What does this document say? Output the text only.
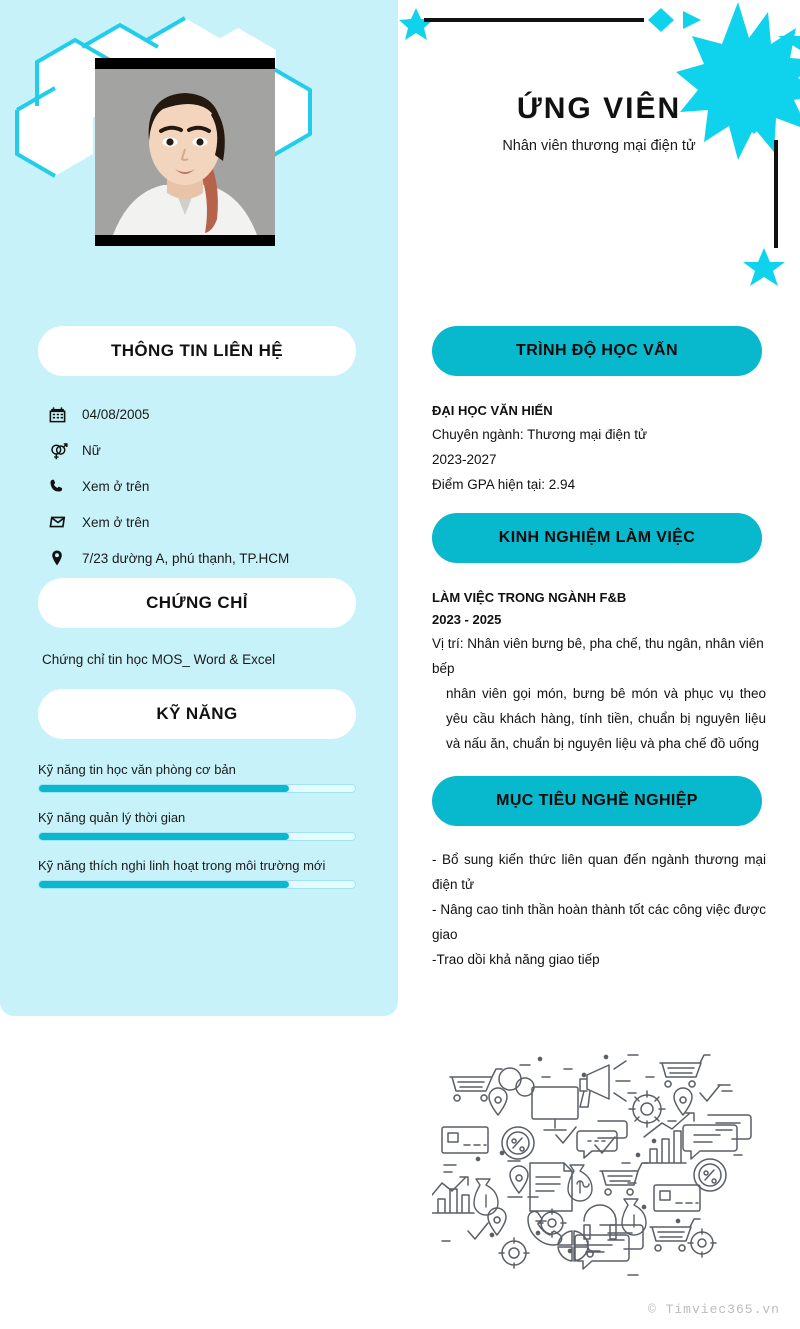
THÔNG TIN LIÊN HỆ
04/08/2005
Nữ
Xem ở trên
Xem ở trên
7/23 dường A, phú thạnh, TP.HCM
CHỨNG CHỈ
Chứng chỉ tin học MOS_ Word & Excel
KỸ NĂNG
Kỹ năng tin học văn phòng cơ bản
Kỹ năng quản lý thời gian
Kỹ năng thích nghi linh hoạt trong môi trường mới
ỨNG VIÊN
Nhân viên thương mại điện tử
TRÌNH ĐỘ HỌC VẤN
ĐẠI HỌC VĂN HIẾN
Chuyên ngành: Thương mại điện tử
2023-2027
Điểm GPA hiện tại: 2.94
KINH NGHIỆM LÀM VIỆC
LÀM VIỆC TRONG NGÀNH F&B
2023 - 2025
Vị trí: Nhân viên bưng bê, pha chế, thu ngân, nhân viên bếp
nhân viên gọi món, bưng bê món và phục vụ theo yêu cầu khách hàng, tính tiền, chuẩn bị nguyên liệu và nấu ăn, chuẩn bị nguyên liệu và pha chế đồ uống
MỤC TIÊU NGHỀ NGHIỆP
- Bổ sung kiến thức liên quan đến ngành thương mại điện tử
- Nâng cao tinh thần hoàn thành tốt các công việc được giao
-Trao dồi khả năng giao tiếp
© Timviec365.vn
